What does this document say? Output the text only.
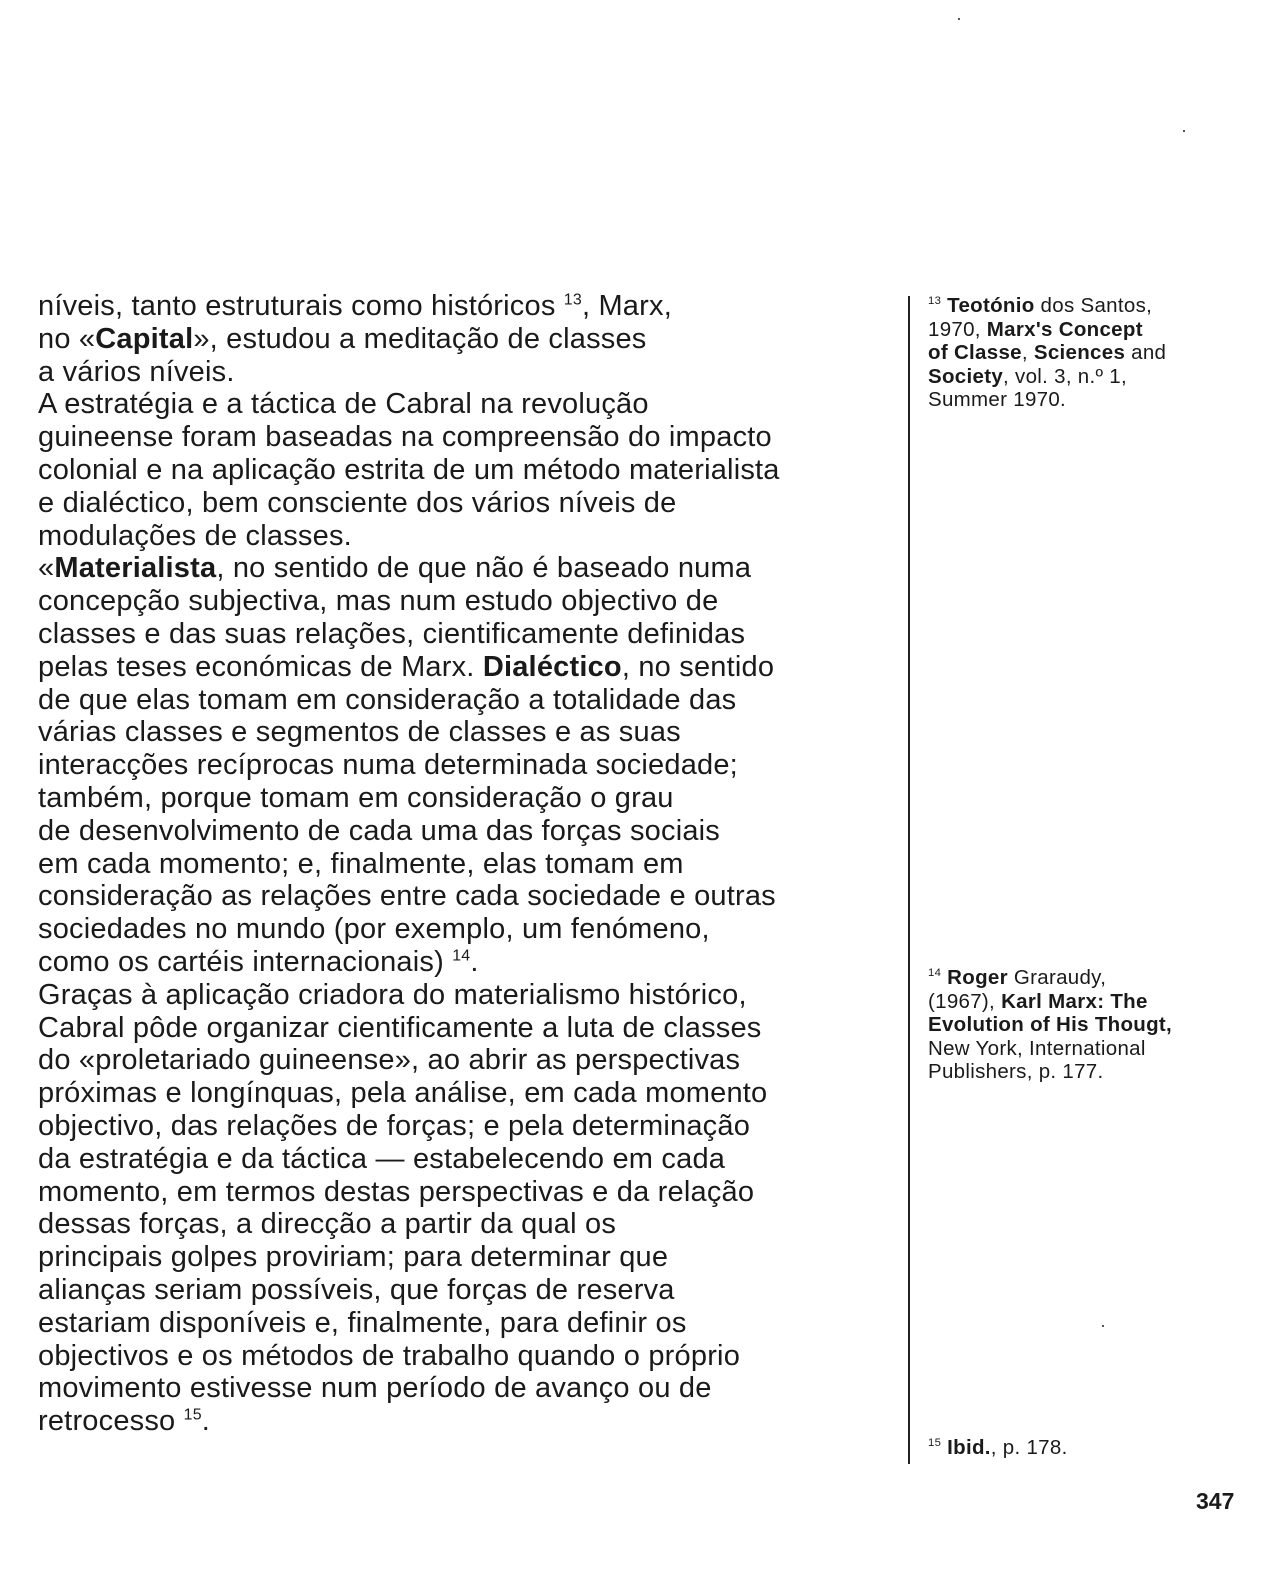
níveis, tanto estruturais como históricos $^{13}$, Marx,
no «Capital», estudou a meditação de classes
a vários níveis.
A estratégia e a táctica de Cabral na revolução
guineense foram baseadas na compreensão do impacto
colonial e na aplicação estrita de um método materialista
e dialéctico, bem consciente dos vários níveis de
modulações de classes.
«Materialista, no sentido de que não é baseado numa
concepção subjectiva, mas num estudo objectivo de
classes e das suas relações, cientificamente definidas
pelas teses económicas de Marx. Dialéctico, no sentido
de que elas tomam em consideração a totalidade das
várias classes e segmentos de classes e as suas
interacções recíprocas numa determinada sociedade;
também, porque tomam em consideração o grau
de desenvolvimento de cada uma das forças sociais
em cada momento; e, finalmente, elas tomam em
consideração as relações entre cada sociedade e outras
sociedades no mundo (por exemplo, um fenómeno,
como os cartéis internacionais) $^{14}$.
Graças à aplicação criadora do materialismo histórico,
Cabral pôde organizar cientificamente a luta de classes
do «proletariado guineense», ao abrir as perspectivas
próximas e longínquas, pela análise, em cada momento
objectivo, das relações de forças; e pela determinação
da estratégia e da táctica — estabelecendo em cada
momento, em termos destas perspectivas e da relação
dessas forças, a direcção a partir da qual os
principais golpes proviriam; para determinar que
alianças seriam possíveis, que forças de reserva
estariam disponíveis e, finalmente, para definir os
objectivos e os métodos de trabalho quando o próprio
movimento estivesse num período de avanço ou de
retrocesso $^{15}$.
$^{13}$ Teotónio dos Santos,
1970, Marx's Concept
of Classe, Sciences and
Society, vol. 3, n.º 1,
Summer 1970.
$^{14}$ Roger Graraudy,
(1967), Karl Marx: The
Evolution of His Thougt,
New York, International
Publishers, p. 177.
$^{15}$ Ibid., p. 178.
347
